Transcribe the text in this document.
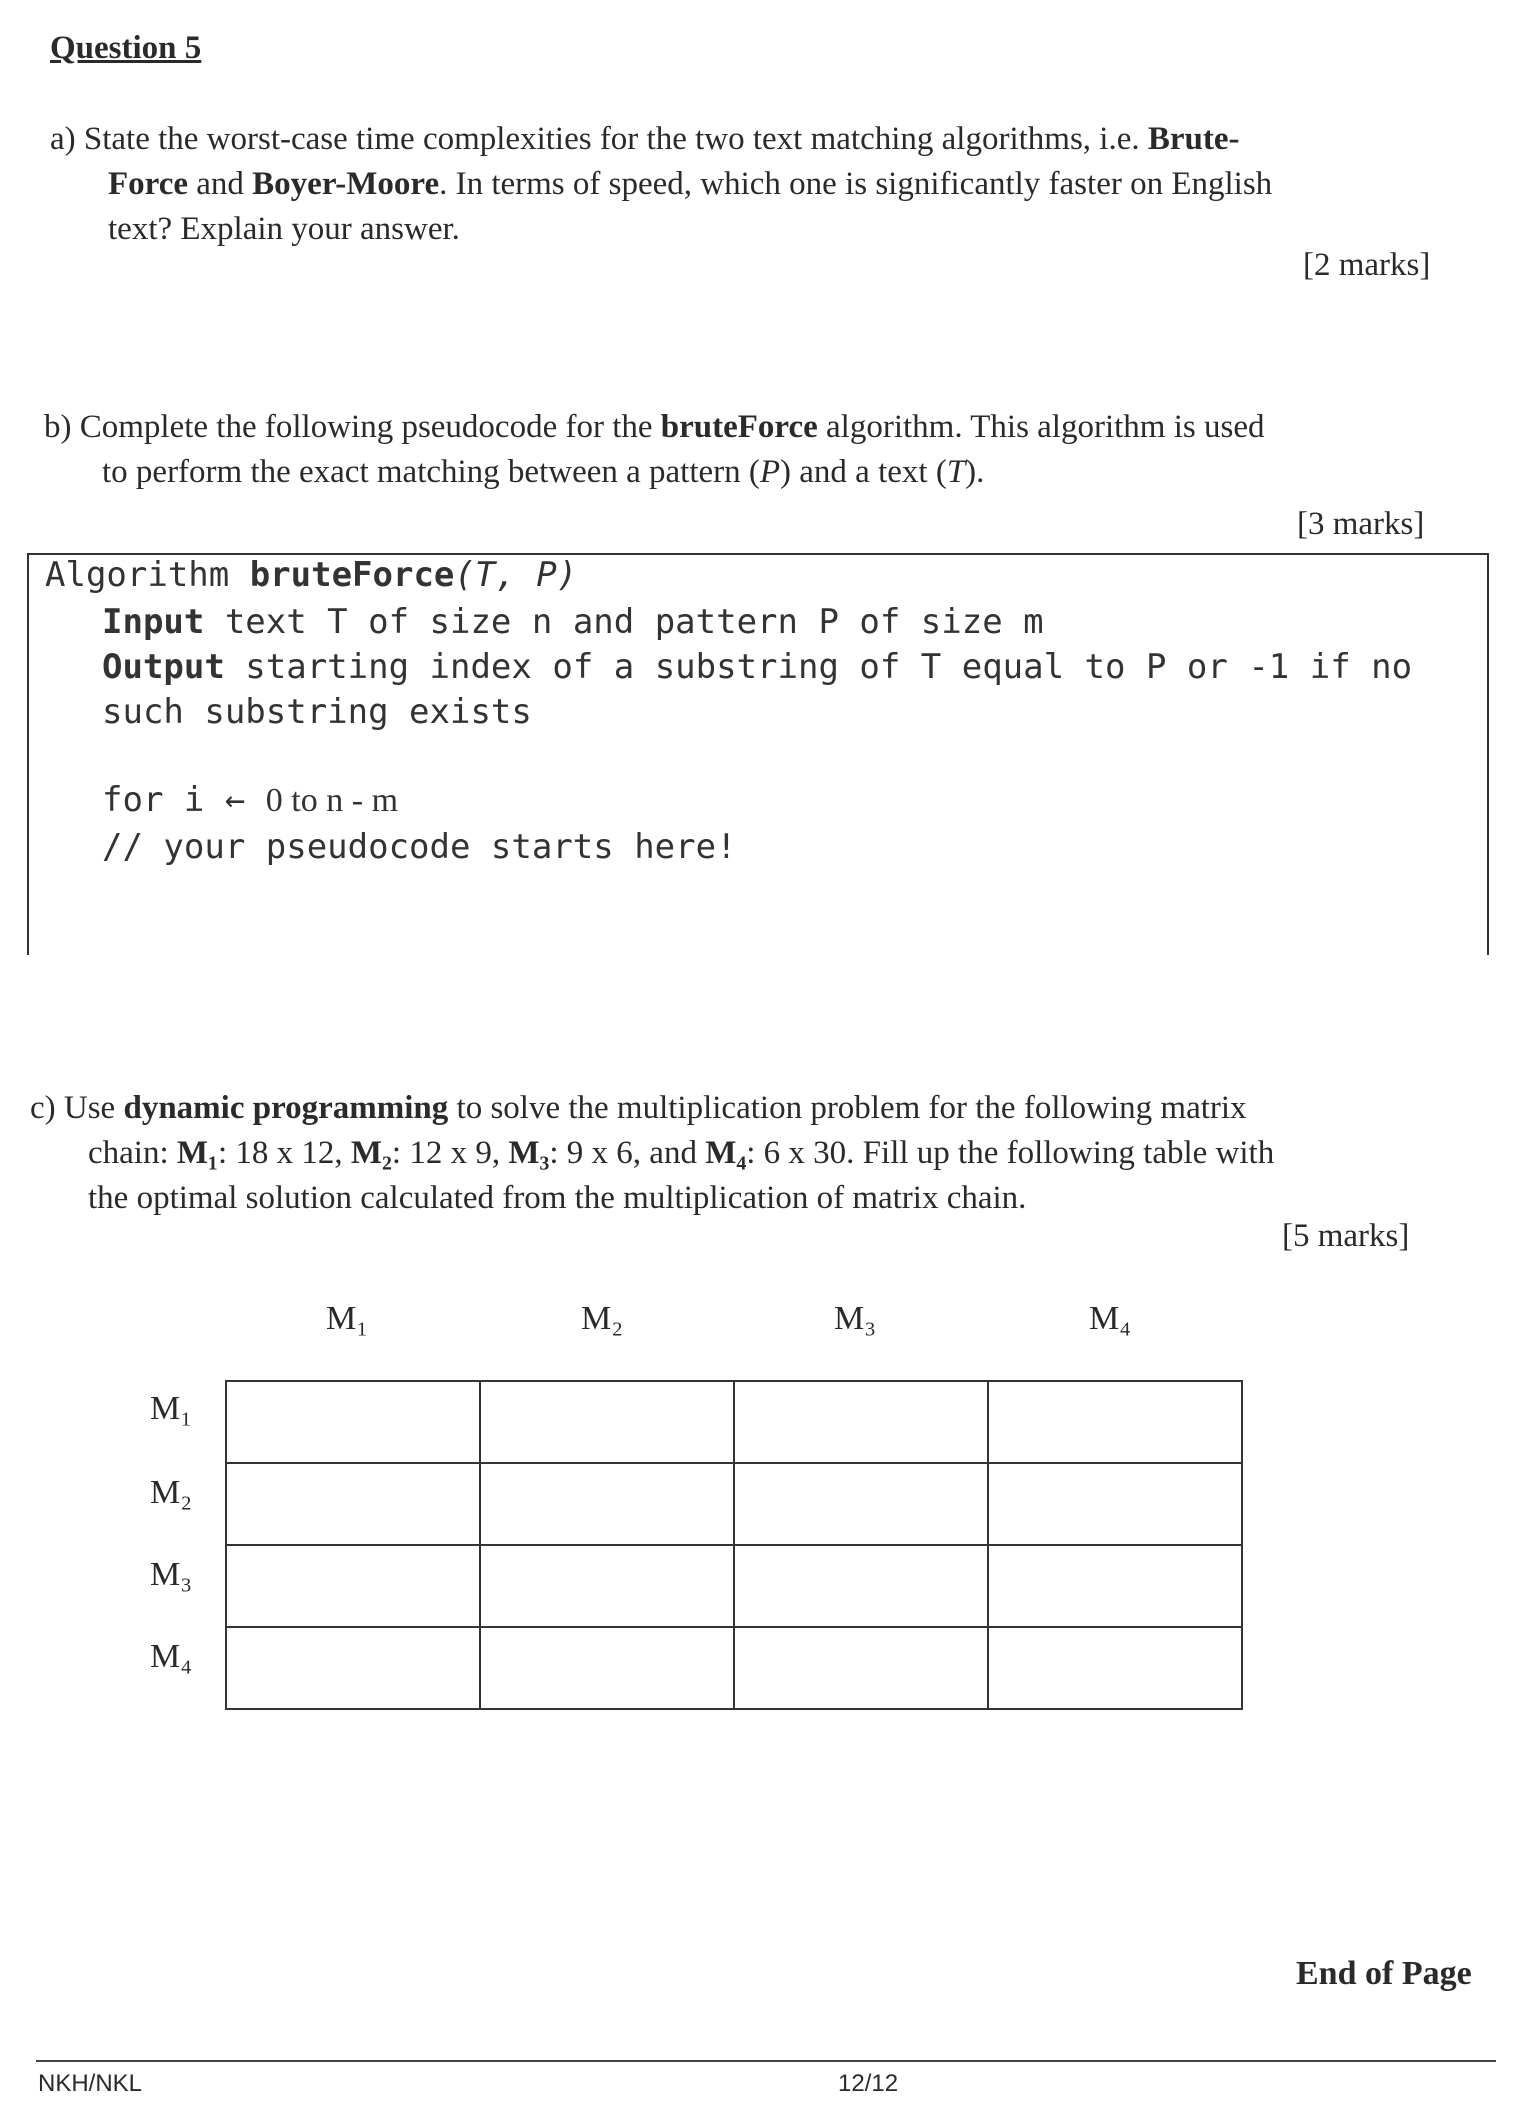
Question 5
a) State the worst-case time complexities for the two text matching algorithms, i.e. Brute-
Force and Boyer-Moore. In terms of speed, which one is significantly faster on English
text? Explain your answer.
[2 marks]
b) Complete the following pseudocode for the bruteForce algorithm. This algorithm is used
to perform the exact matching between a pattern (P) and a text (T).
[3 marks]
Algorithm bruteForce(T, P)
Input text T of size n and pattern P of size m
Output starting index of a substring of T equal to P or -1 if no
such substring exists
for i ← 0 to n - m
// your pseudocode starts here!
c) Use dynamic programming to solve the multiplication problem for the following matrix
chain: M₁: 18 x 12, M₂: 12 x 9, M₃: 9 x 6, and M₄: 6 x 30. Fill up the following table with
the optimal solution calculated from the multiplication of matrix chain.
[5 marks]
M₁	M₂	M₃	M₄
M₁
M₂
M₃
M₄

End of Page
NKH/NKL	12/12
